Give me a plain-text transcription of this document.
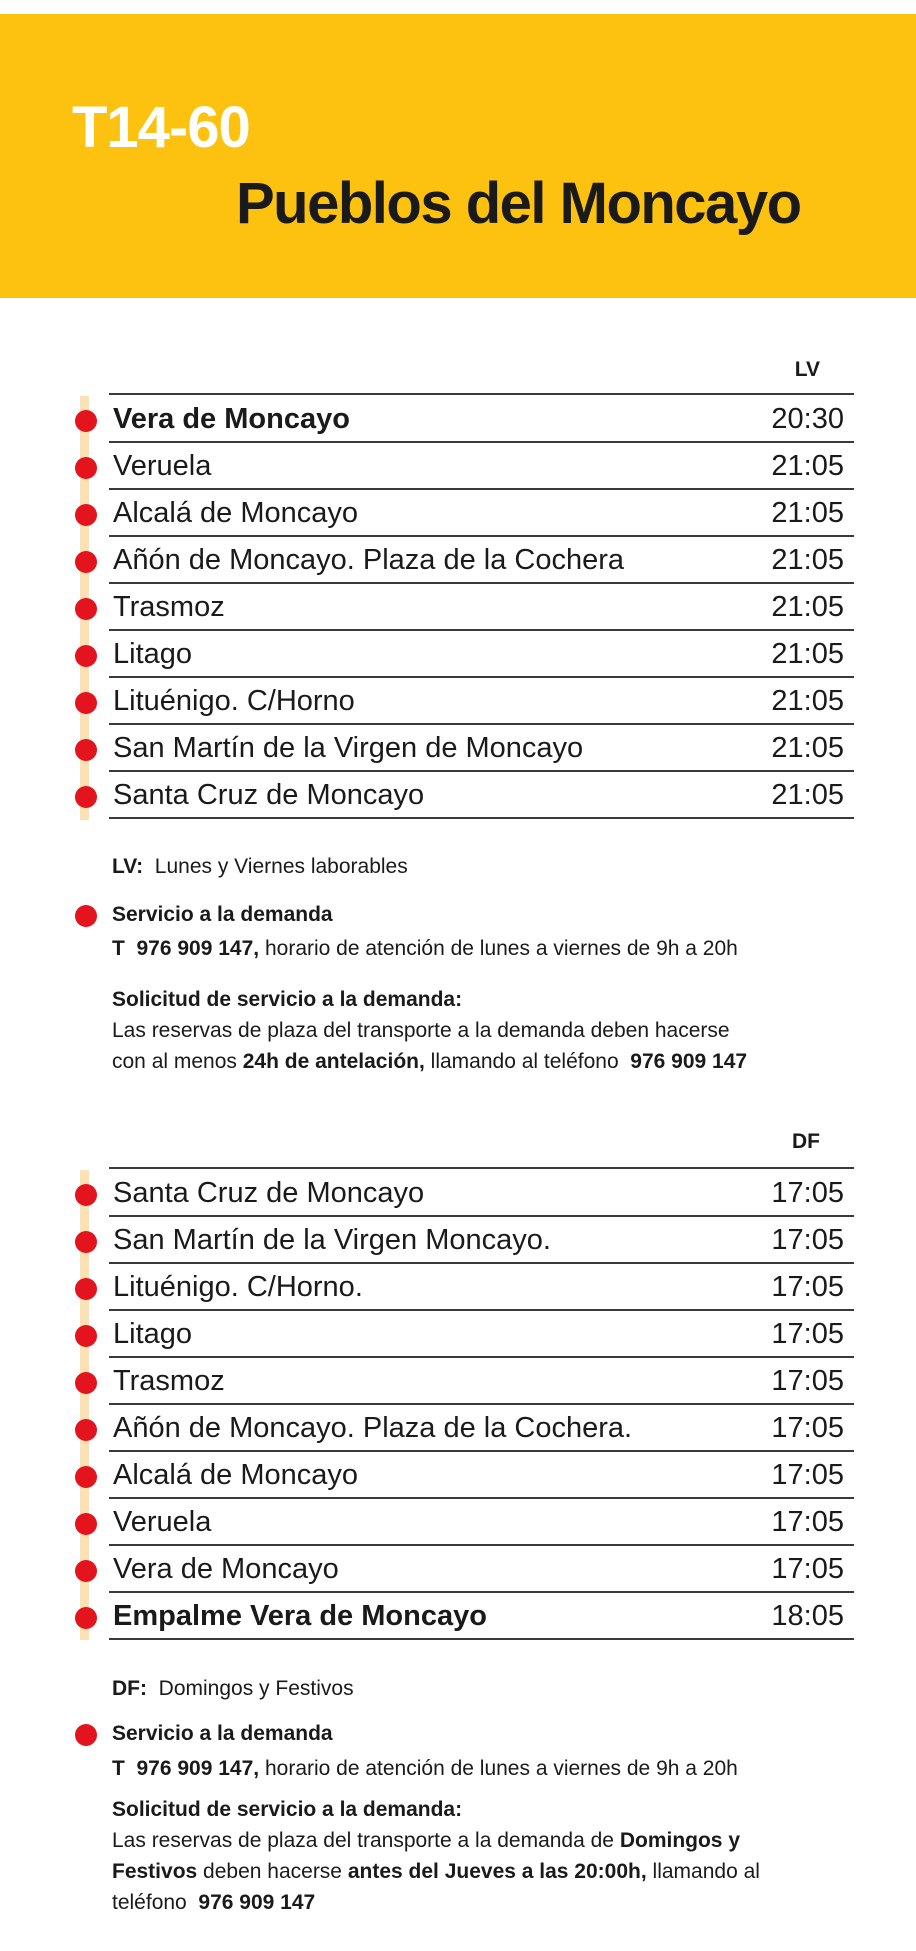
T14-60
Pueblos del Moncayo
LV
Vera de Moncayo	20:30
Veruela	21:05
Alcalá de Moncayo	21:05
Añón de Moncayo. Plaza de la Cochera	21:05
Trasmoz	21:05
Litago	21:05
Lituénigo. C/Horno	21:05
San Martín de la Virgen de Moncayo	21:05
Santa Cruz de Moncayo	21:05
LV: Lunes y Viernes laborables
Servicio a la demanda
T 976 909 147, horario de atención de lunes a viernes de 9h a 20h
Solicitud de servicio a la demanda:
Las reservas de plaza del transporte a la demanda deben hacerse
con al menos 24h de antelación, llamando al teléfono 976 909 147
DF
Santa Cruz de Moncayo	17:05
San Martín de la Virgen Moncayo.	17:05
Lituénigo. C/Horno.	17:05
Litago	17:05
Trasmoz	17:05
Añón de Moncayo. Plaza de la Cochera.	17:05
Alcalá de Moncayo	17:05
Veruela	17:05
Vera de Moncayo	17:05
Empalme Vera de Moncayo	18:05
DF: Domingos y Festivos
Servicio a la demanda
T 976 909 147, horario de atención de lunes a viernes de 9h a 20h
Solicitud de servicio a la demanda:
Las reservas de plaza del transporte a la demanda de Domingos y
Festivos deben hacerse antes del Jueves a las 20:00h, llamando al
teléfono 976 909 147
